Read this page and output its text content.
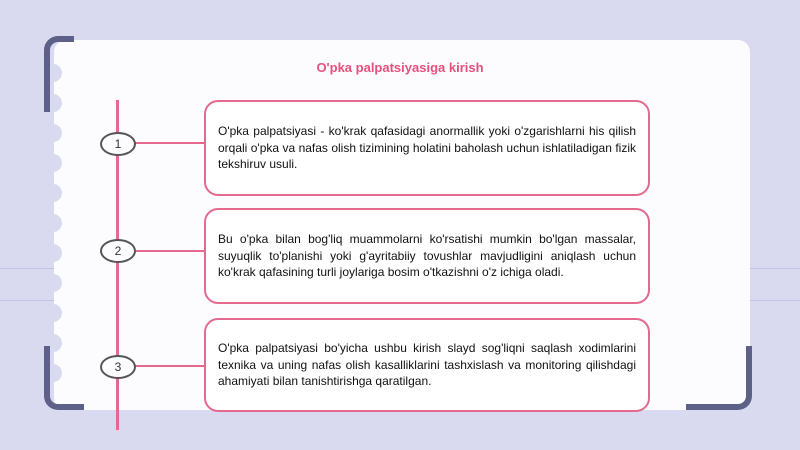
O'pka palpatsiyasiga kirish
1

O'pka palpatsiyasi - ko'krak qafasidagi anormallik yoki o'zgarishlarni his qilish orqali o'pka va nafas olish tizimining holatini baholash uchun ishlatiladigan fizik tekshiruv usuli.

2

Bu o'pka bilan bog'liq muammolarni ko'rsatishi mumkin bo'lgan massalar, suyuqlik to'planishi yoki g'ayritabiiy tovushlar mavjudligini aniqlash uchun ko'krak qafasining turli joylariga bosim o'tkazishni o'z ichiga oladi.

3

O'pka palpatsiyasi bo'yicha ushbu kirish slayd sog'liqni saqlash xodimlarini texnika va uning nafas olish kasalliklarini tashxislash va monitoring qilishdagi ahamiyati bilan tanishtirishga qaratilgan.
